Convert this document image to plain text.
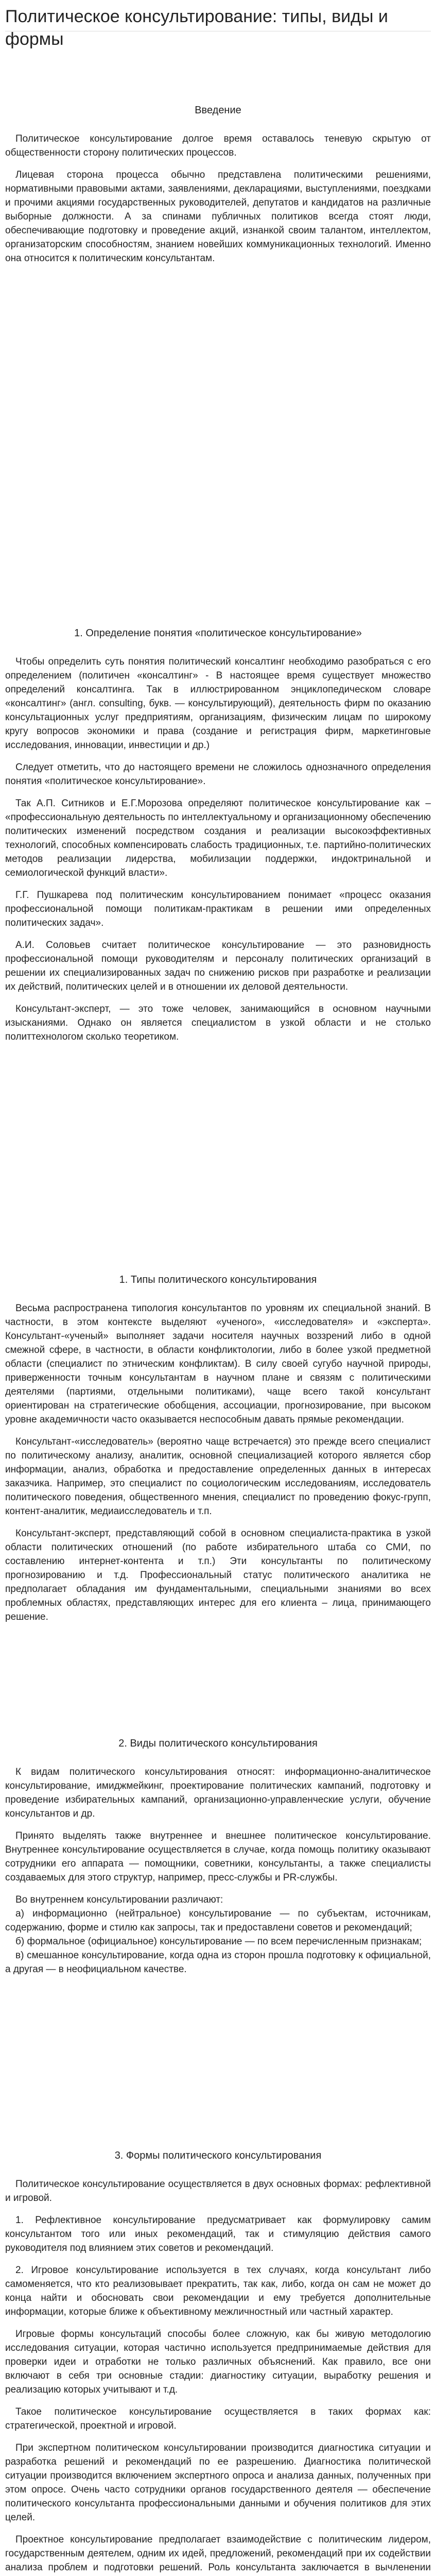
Политическое консультирование: типы, виды и формы
Введение

Политическое консультирование долгое время оставалось теневую скрытую от общественности сторону политических процессов.

Лицевая сторона процесса обычно представлена политическими решениями, нормативными правовыми актами, заявлениями, декларациями, выступлениями, поездками и прочими акциями государственных руководителей, депутатов и кандидатов на различные выборные должности. А за спинами публичных политиков всегда стоят люди, обеспечивающие подготовку и проведение акций, изнанкой своим талантом, интеллектом, организаторским способностям, знанием новейших коммуникационных технологий. Именно она относится к политическим консультантам.

1. Определение понятия «политическое консультирование»

Чтобы определить суть понятия политический консалтинг необходимо разобраться с его определением (политичен «консалтинг» - В настоящее время существует множество определений консалтинга. Так в иллюстрированном энциклопедическом словаре «консалтинг» (англ. consulting, букв. — консультирующий), деятельность фирм по оказанию консультационных услуг предприятиям, организациям, физическим лицам по широкому кругу вопросов экономики и права (создание и регистрация фирм, маркетинговые исследования, инновации, инвестиции и др.)

Следует отметить, что до настоящего времени не сложилось однозначного определения понятия «политическое консультирование».

Так А.П. Ситников и Е.Г.Морозова определяют политическое консультирование как – «профессиональную деятельность по интеллектуальному и организационному обеспечению политических изменений посредством создания и реализации высокоэффективных технологий, способных компенсировать слабость традиционных, т.е. партийно-политических методов реализации лидерства, мобилизации поддержки, индоктринальной и семиологической функций власти».

Г.Г. Пушкарева под политическим консультированием понимает «процесс оказания профессиональной помощи политикам-практикам в решении ими определенных политических задач».

А.И. Соловьев считает политическое консультирование — это разновидность профессиональной помощи руководителям и персоналу политических организаций в решении их специализированных задач по снижению рисков при разработке и реализации их действий, политических целей и в отношении их деловой деятельности.

Консультант-эксперт, — это тоже человек, занимающийся в основном научными изысканиями. Однако он является специалистом в узкой области и не столько политтехнологом сколько теоретиком.

1. Типы политического консультирования

Весьма распространена типология консультантов по уровням их специальной знаний. В частности, в этом контексте выделяют «ученого», «исследователя» и «эксперта». Консультант-«ученый» выполняет задачи носителя научных воззрений либо в одной смежной сфере, в частности, в области конфликтологии, либо в более узкой предметной области (специалист по этническим конфликтам). В силу своей сугубо научной природы, приверженности точным консультантам в научном плане и связям с политическими деятелями (партиями, отдельными политиками), чаще всего такой консультант ориентирован на стратегические обобщения, ассоциации, прогнозирование, при высоком уровне академичности часто оказывается неспособным давать прямые рекомендации.

Консультант-«исследователь» (вероятно чаще встречается) это прежде всего специалист по политическому анализу, аналитик, основной специализацией которого является сбор информации, анализ, обработка и предоставление определенных данных в интересах заказчика. Например, это специалист по социологическим исследованиям, исследователь политического поведения, общественного мнения, специалист по проведению фокус-групп, контент-аналитик, медиаисследователь и т.п.

Консультант-эксперт, представляющий собой в основном специалиста-практика в узкой области политических отношений (по работе избирательного штаба со СМИ, по составлению интернет-контента и т.п.) Эти консультанты по политическому прогнозированию и т.д. Профессиональный статус политического аналитика не предполагает обладания им фундаментальными, специальными знаниями во всех проблемных областях, представляющих интерес для его клиента – лица, принимающего решение.

2. Виды политического консультирования

К видам политического консультирования относят: информационно-аналитическое консультирование, имиджмейкинг, проектирование политических кампаний, подготовку и проведение избирательных кампаний, организационно-управленческие услуги, обучение консультантов и др.

Принято выделять также внутреннее и внешнее политическое консультирование. Внутреннее консультирование осуществляется в случае, когда помощь политику оказывают сотрудники его аппарата — помощники, советники, консультанты, а также специалисты создаваемых для этого структур, например, пресс-службы и PR-службы.

Во внутреннем консультировании различают:

а) информационно (нейтральное) консультирование — по субъектам, источникам, содержанию, форме и стилю как запросы, так и предоставлени советов и рекомендаций;

б) формальное (официальное) консультирование — по всем перечисленным признакам;

в) смешанное консультирование, когда одна из сторон прошла подготовку к официальной, а другая — в неофициальном качестве.

3. Формы политического консультирования

Политическое консультирование осуществляется в двух основных формах: рефлективной и игровой.

1. Рефлективное консультирование предусматривает как формулировку самим консультантом того или иных рекомендаций, так и стимуляцию действия самого руководителя под влиянием этих советов и рекомендаций.

2. Игровое консультирование используется в тех случаях, когда консультант либо самоменяется, что кто реализовывает прекратить, так как, либо, когда он сам не может до конца найти и обосновать свои рекомендации и ему требуется дополнительные информации, которые ближе к объективному межличностный или частный характер.

Игровые формы консультаций способы более сложную, как бы живую методологию исследования ситуации, которая частично используется предпринимаемые действия для проверки идеи и отработки не только различных объяснений. Как правило, все они включают в себя три основные стадии: диагностику ситуации, выработку решения и реализацию которых учитывают и т.д.

Такое политическое консультирование осуществляется в таких формах как: стратегической, проектной и игровой.

При экспертном политическом консультировании производится диагностика ситуации и разработка решений и рекомендаций по ее разрешению. Диагностика политической ситуации производится включением экспертного опроса и анализа данных, полученных при этом опросе. Очень часто сотрудники органов государственного деятеля — обеспечение политического консультанта профессиональными данными и обучения политиков для этих целей.

Проектное консультирование предполагает взаимодействие с политическим лидером, государственным деятелем, одним их идей, предложений, рекомендаций при их содействии анализа проблем и подготовки решений. Роль консультанта заключается в вычленении
